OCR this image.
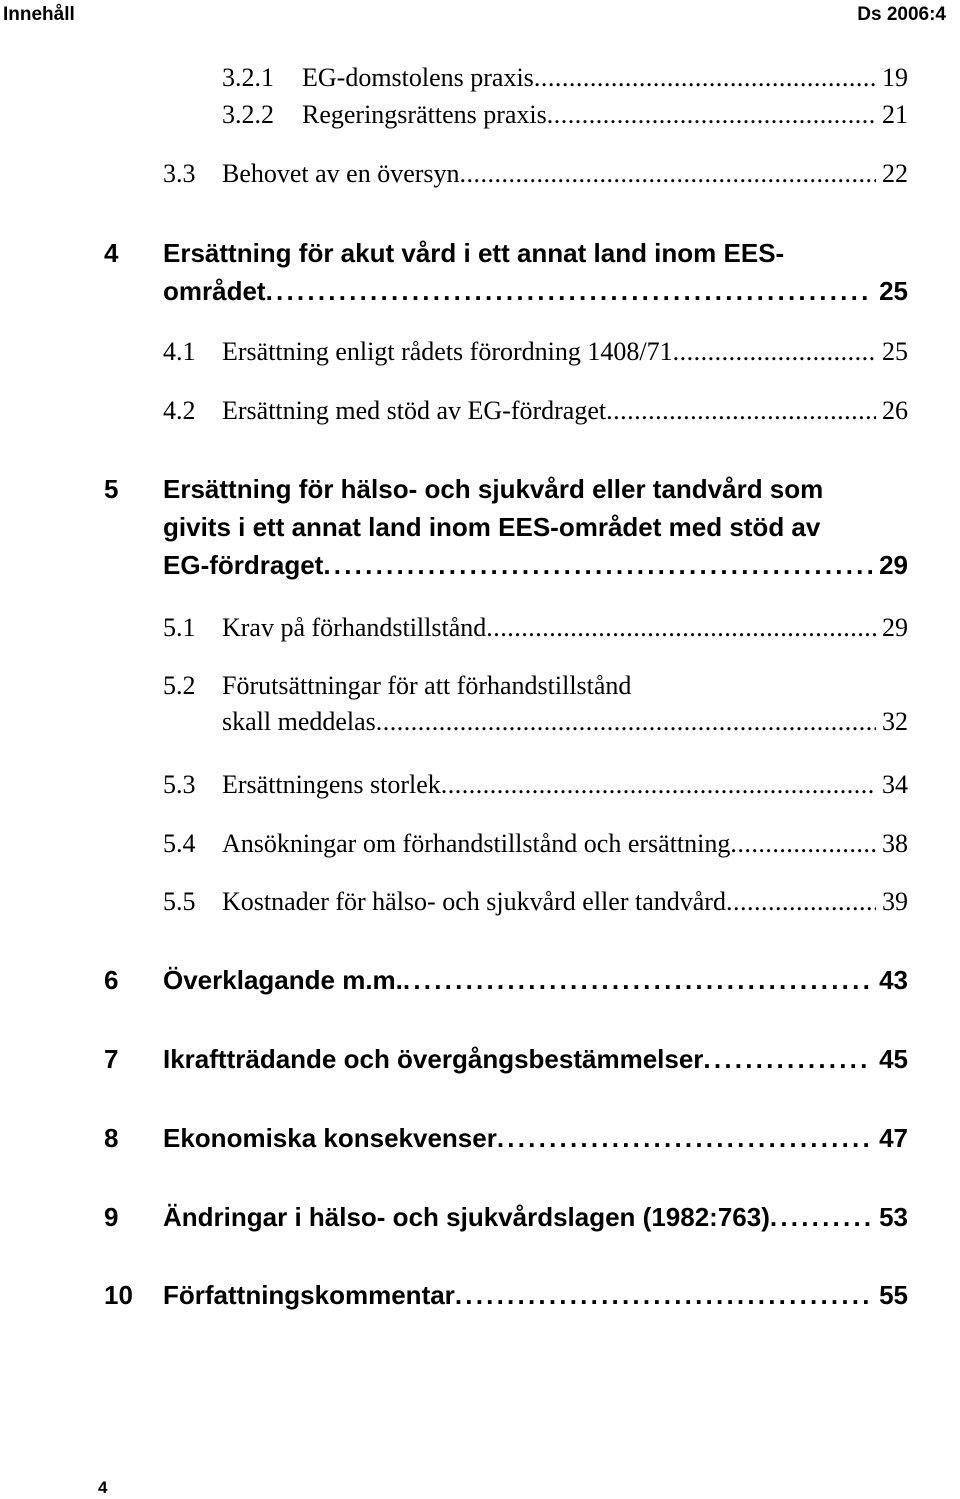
Innehåll	Ds 2006:4
3.2.1 EG-domstolens praxis . . .	19
3.2.2 Regeringsrättens praxis . . .	21
3.3 Behovet av en översyn . . .	22
4 Ersättning för akut vård i ett annat land inom EES-
området . . .	25
4.1 Ersättning enligt rådets förordning 1408/71 . . .	25
4.2 Ersättning med stöd av EG-fördraget . . .	26
5 Ersättning för hälso- och sjukvård eller tandvård som
givits i ett annat land inom EES-området med stöd av
EG-fördraget . . .	29
5.1 Krav på förhandstillstånd . . .	29
5.2 Förutsättningar för att förhandstillstånd
skall meddelas . . .	32
5.3 Ersättningens storlek . . .	34
5.4 Ansökningar om förhandstillstånd och ersättning . . .	38
5.5 Kostnader för hälso- och sjukvård eller tandvård . . .	39
6 Överklagande m.m. . . .	43
7 Ikraftträdande och övergångsbestämmelser . . .	45
8 Ekonomiska konsekvenser . . .	47
9 Ändringar i hälso- och sjukvårdslagen (1982:763) . . .	53
10 Författningskommentar . . .	55
4
